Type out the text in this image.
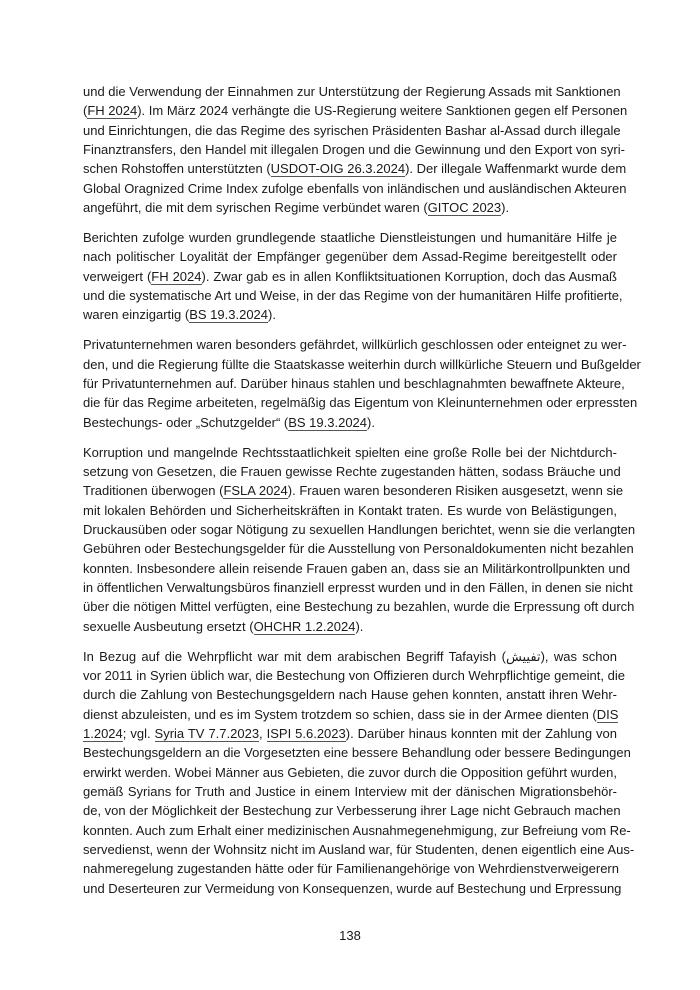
und die Verwendung der Einnahmen zur Unterstützung der Regierung Assads mit Sanktionen
(FH 2024). Im März 2024 verhängte die US-Regierung weitere Sanktionen gegen elf Personen
und Einrichtungen, die das Regime des syrischen Präsidenten Bashar al-Assad durch illegale
Finanztransfers, den Handel mit illegalen Drogen und die Gewinnung und den Export von syri-
schen Rohstoffen unterstützten (USDOT-OIG 26.3.2024). Der illegale Waffenmarkt wurde dem
Global Oragnized Crime Index zufolge ebenfalls von inländischen und ausländischen Akteuren
angeführt, die mit dem syrischen Regime verbündet waren (GITOC 2023).
Berichten zufolge wurden grundlegende staatliche Dienstleistungen und humanitäre Hilfe je
nach politischer Loyalität der Empfänger gegenüber dem Assad-Regime bereitgestellt oder
verweigert (FH 2024). Zwar gab es in allen Konfliktsituationen Korruption, doch das Ausmaß
und die systematische Art und Weise, in der das Regime von der humanitären Hilfe profitierte,
waren einzigartig (BS 19.3.2024).
Privatunternehmen waren besonders gefährdet, willkürlich geschlossen oder enteignet zu wer-
den, und die Regierung füllte die Staatskasse weiterhin durch willkürliche Steuern und Bußgelder
für Privatunternehmen auf. Darüber hinaus stahlen und beschlagnahmten bewaffnete Akteure,
die für das Regime arbeiteten, regelmäßig das Eigentum von Kleinunternehmen oder erpressten
Bestechungs- oder „Schutzgelder“ (BS 19.3.2024).
Korruption und mangelnde Rechtsstaatlichkeit spielten eine große Rolle bei der Nichtdurch-
setzung von Gesetzen, die Frauen gewisse Rechte zugestanden hätten, sodass Bräuche und
Traditionen überwogen (FSLA 2024). Frauen waren besonderen Risiken ausgesetzt, wenn sie
mit lokalen Behörden und Sicherheitskräften in Kontakt traten. Es wurde von Belästigungen,
Druckausüben oder sogar Nötigung zu sexuellen Handlungen berichtet, wenn sie die verlangten
Gebühren oder Bestechungsgelder für die Ausstellung von Personaldokumenten nicht bezahlen
konnten. Insbesondere allein reisende Frauen gaben an, dass sie an Militärkontrollpunkten und
in öffentlichen Verwaltungsbüros finanziell erpresst wurden und in den Fällen, in denen sie nicht
über die nötigen Mittel verfügten, eine Bestechung zu bezahlen, wurde die Erpressung oft durch
sexuelle Ausbeutung ersetzt (OHCHR 1.2.2024).
In Bezug auf die Wehrpflicht war mit dem arabischen Begriff Tafayish (تفييش), was schon
vor 2011 in Syrien üblich war, die Bestechung von Offizieren durch Wehrpflichtige gemeint, die
durch die Zahlung von Bestechungsgeldern nach Hause gehen konnten, anstatt ihren Wehr-
dienst abzuleisten, und es im System trotzdem so schien, dass sie in der Armee dienten (DIS
1.2024; vgl. Syria TV 7.7.2023, ISPI 5.6.2023). Darüber hinaus konnten mit der Zahlung von
Bestechungsgeldern an die Vorgesetzten eine bessere Behandlung oder bessere Bedingungen
erwirkt werden. Wobei Männer aus Gebieten, die zuvor durch die Opposition geführt wurden,
gemäß Syrians for Truth and Justice in einem Interview mit der dänischen Migrationsbehör-
de, von der Möglichkeit der Bestechung zur Verbesserung ihrer Lage nicht Gebrauch machen
konnten. Auch zum Erhalt einer medizinischen Ausnahmegenehmigung, zur Befreiung vom Re-
servedienst, wenn der Wohnsitz nicht im Ausland war, für Studenten, denen eigentlich eine Aus-
nahmeregelung zugestanden hätte oder für Familienangehörige von Wehrdienstverweigerern
und Deserteuren zur Vermeidung von Konsequenzen, wurde auf Bestechung und Erpressung
138
